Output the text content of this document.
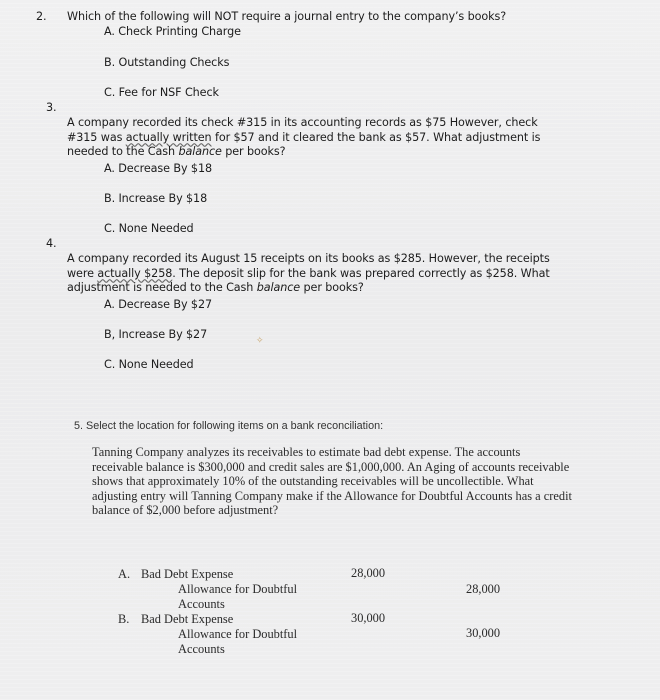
2. Which of the following will NOT require a journal entry to the company’s books?
A. Check Printing Charge
B. Outstanding Checks
C. Fee for NSF Check
3.
A company recorded its check #315 in its accounting records as $75 However, check #315 was actually written for $57 and it cleared the bank as $57. What adjustment is needed to the Cash balance per books?
A. Decrease By $18
B. Increase By $18
C. None Needed
4.
A company recorded its August 15 receipts on its books as $285. However, the receipts were actually $258. The deposit slip for the bank was prepared correctly as $258. What adjustment is needed to the Cash balance per books?
A. Decrease By $27
B, Increase By $27	✧
C. None Needed
5. Select the location for following items on a bank reconciliation:
Tanning Company analyzes its receivables to estimate bad debt expense. The accounts receivable balance is $300,000 and credit sales are $1,000,000. An Aging of accounts receivable shows that approximately 10% of the outstanding receivables will be uncollectible. What adjusting entry will Tanning Company make if the Allowance for Doubtful Accounts has a credit balance of $2,000 before adjustment?
A. Bad Debt Expense
Allowance for Doubtful
Accounts
28,000
28,000
B. Bad Debt Expense
Allowance for Doubtful
Accounts
30,000
30,000
